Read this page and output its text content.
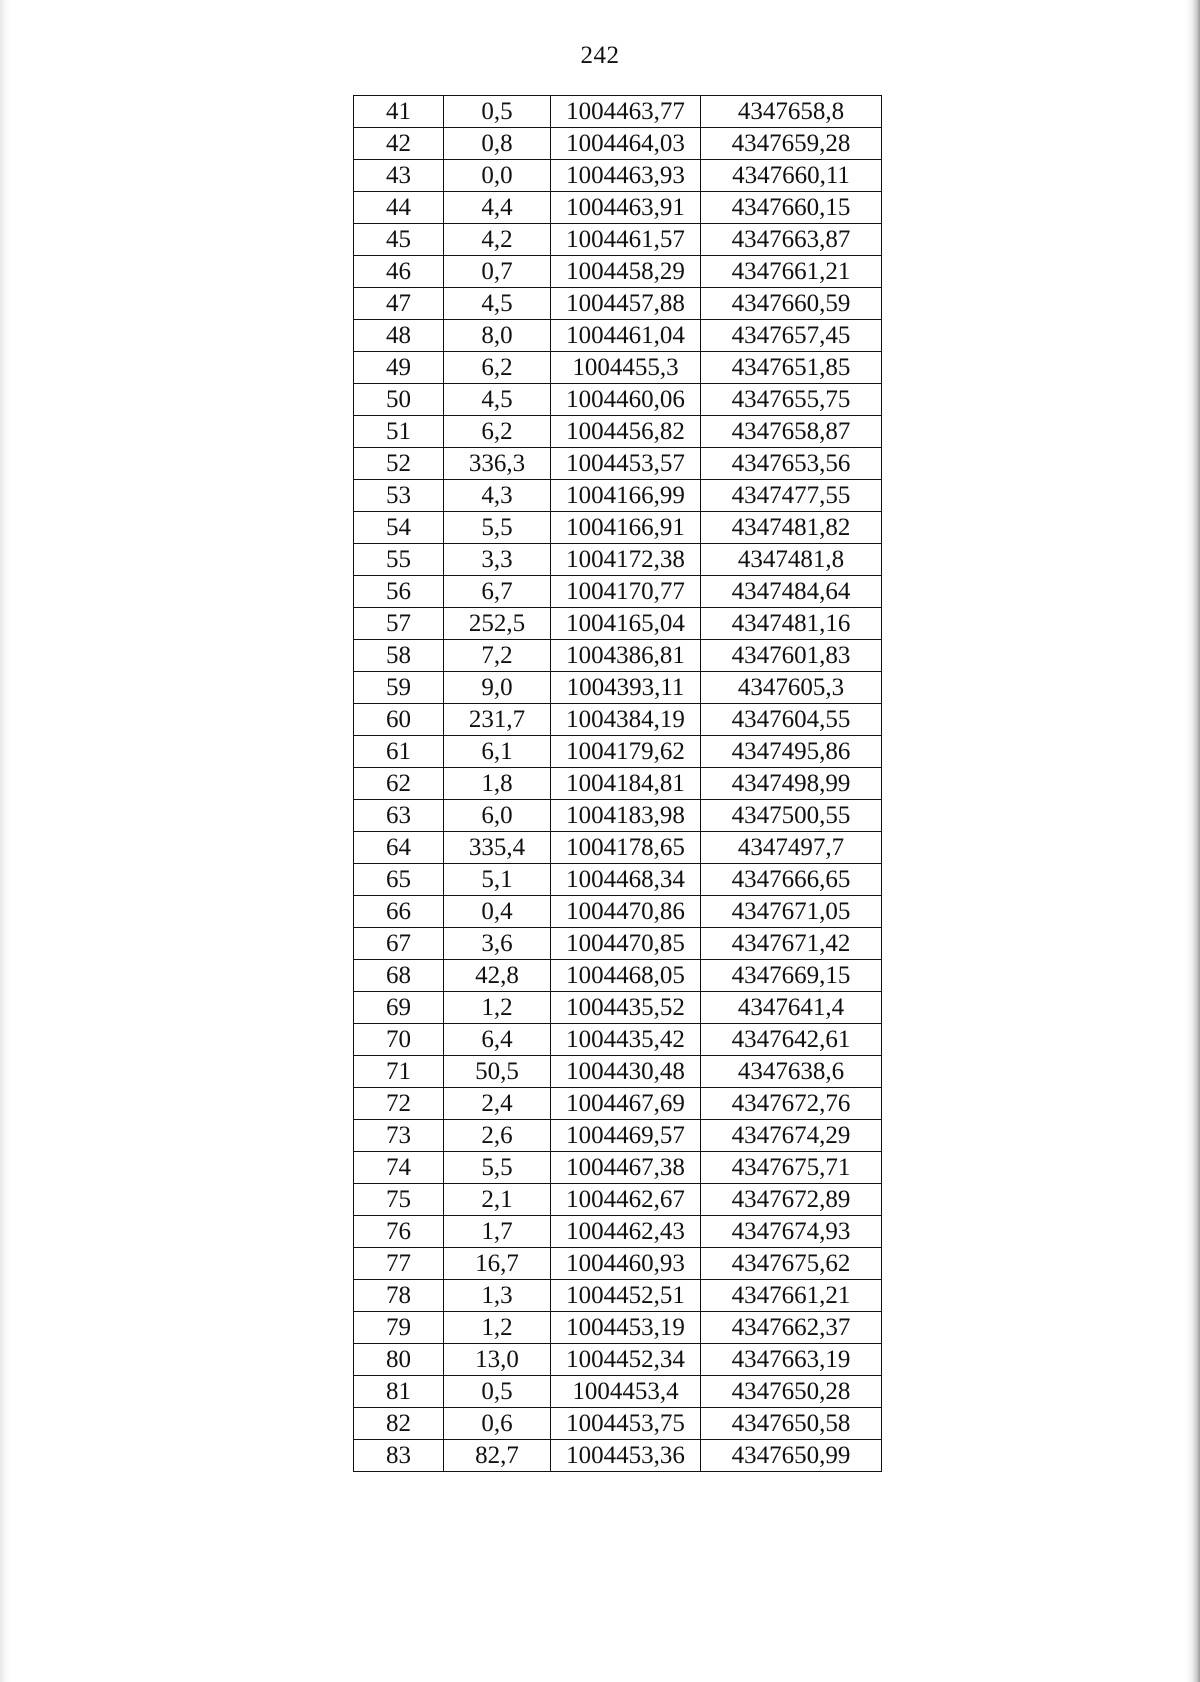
242
41	0,5	1004463,77	4347658,8
42	0,8	1004464,03	4347659,28
43	0,0	1004463,93	4347660,11
44	4,4	1004463,91	4347660,15
45	4,2	1004461,57	4347663,87
46	0,7	1004458,29	4347661,21
47	4,5	1004457,88	4347660,59
48	8,0	1004461,04	4347657,45
49	6,2	1004455,3	4347651,85
50	4,5	1004460,06	4347655,75
51	6,2	1004456,82	4347658,87
52	336,3	1004453,57	4347653,56
53	4,3	1004166,99	4347477,55
54	5,5	1004166,91	4347481,82
55	3,3	1004172,38	4347481,8
56	6,7	1004170,77	4347484,64
57	252,5	1004165,04	4347481,16
58	7,2	1004386,81	4347601,83
59	9,0	1004393,11	4347605,3
60	231,7	1004384,19	4347604,55
61	6,1	1004179,62	4347495,86
62	1,8	1004184,81	4347498,99
63	6,0	1004183,98	4347500,55
64	335,4	1004178,65	4347497,7
65	5,1	1004468,34	4347666,65
66	0,4	1004470,86	4347671,05
67	3,6	1004470,85	4347671,42
68	42,8	1004468,05	4347669,15
69	1,2	1004435,52	4347641,4
70	6,4	1004435,42	4347642,61
71	50,5	1004430,48	4347638,6
72	2,4	1004467,69	4347672,76
73	2,6	1004469,57	4347674,29
74	5,5	1004467,38	4347675,71
75	2,1	1004462,67	4347672,89
76	1,7	1004462,43	4347674,93
77	16,7	1004460,93	4347675,62
78	1,3	1004452,51	4347661,21
79	1,2	1004453,19	4347662,37
80	13,0	1004452,34	4347663,19
81	0,5	1004453,4	4347650,28
82	0,6	1004453,75	4347650,58
83	82,7	1004453,36	4347650,99
